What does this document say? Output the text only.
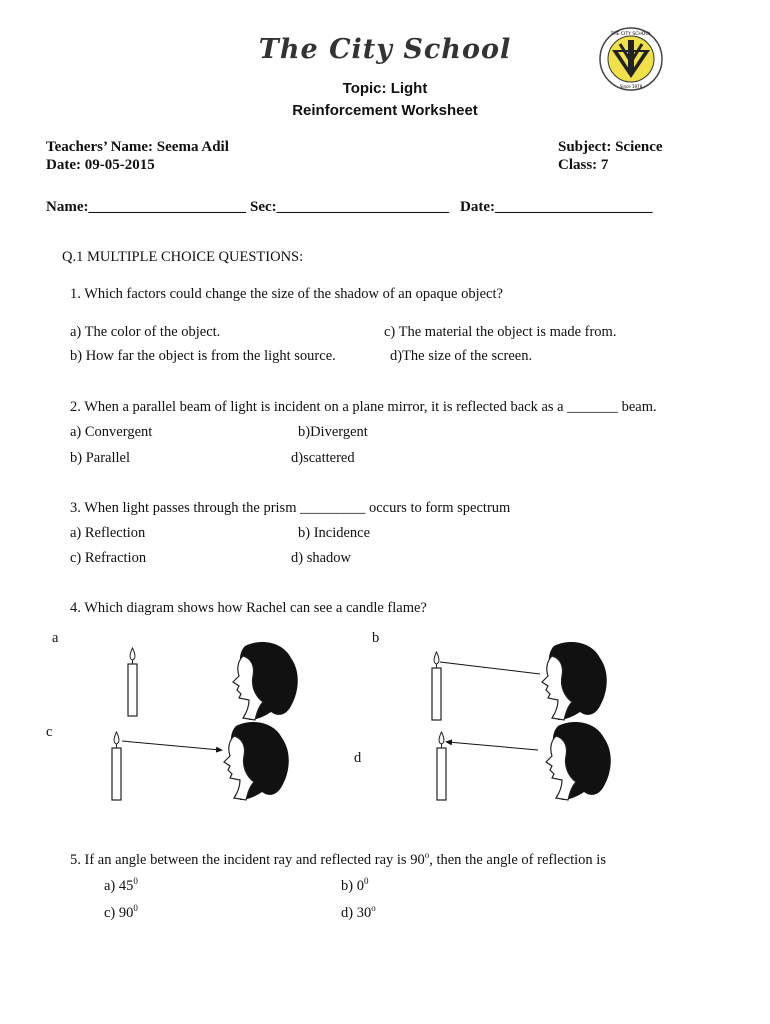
The City School	THE CITY SCHOOL
Since 1978
Topic: Light
Reinforcement Worksheet
Teachers’ Name: Seema Adil
Date: 09-05-2015
Subject: Science
Class: 7
Name:_____________________ Sec:_______________________ Date:_____________________
Q.1 MULTIPLE CHOICE QUESTIONS:
1. Which factors could change the size of the shadow of an opaque object?
a) The color of the object.	c) The material the object is made from.
b) How far the object is from the light source.	d)The size of the screen.
2. When a parallel beam of light is incident on a plane mirror, it is reflected back as a _______ beam.
a) Convergent	b)Divergent
b) Parallel	d)scattered
3. When light passes through the prism _________ occurs to form spectrum
a) Reflection	b) Incidence
c) Refraction	d) shadow
4. Which diagram shows how Rachel can see a candle flame?
a	b
c
d
5. If an angle between the incident ray and reflected ray is 90$^o$, then the angle of reflection is
a) $45^0$	b) $0^0$
c) $90^0$	d) 30$^o$
